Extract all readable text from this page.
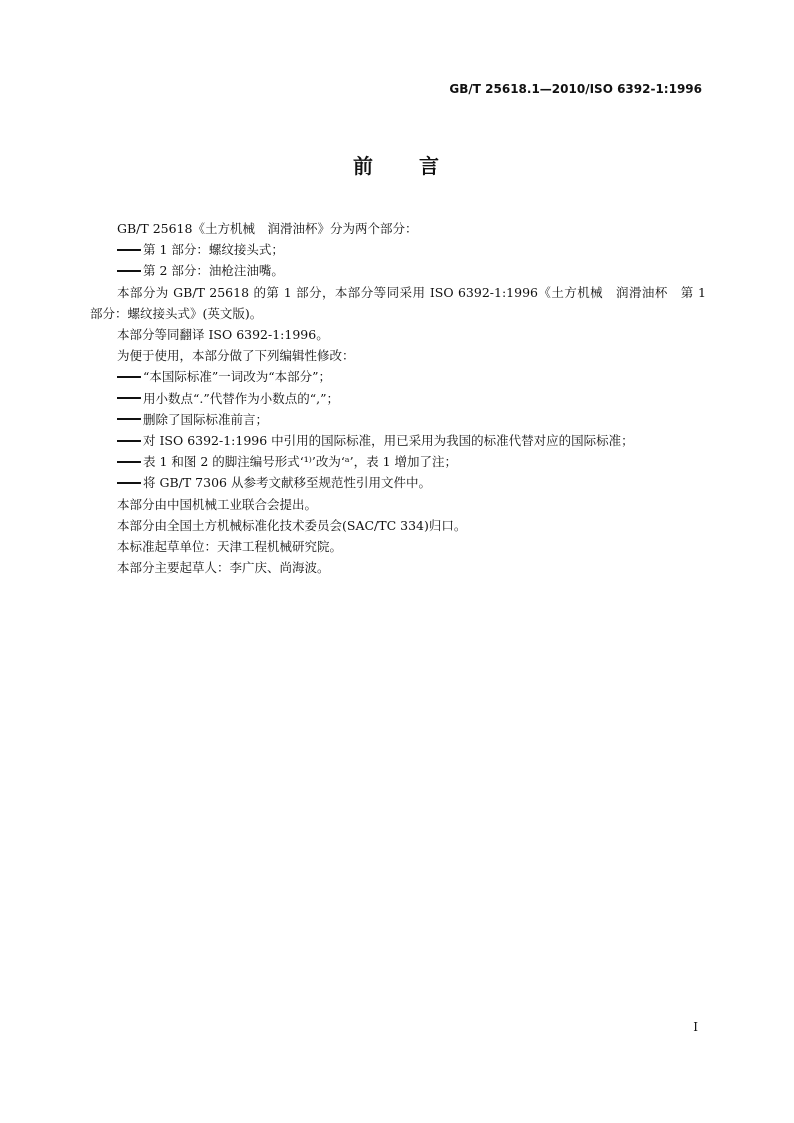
GB/T 25618.1—2010/ISO 6392-1:1996
前 言

GB/T 25618《土方机械　润滑油杯》分为两个部分：

第 1 部分：螺纹接头式；

第 2 部分：油枪注油嘴。

本部分为 GB/T 25618 的第 1 部分，本部分等同采用 ISO 6392-1:1996《土方机械　润滑油杯　第 1 部分：螺纹接头式》(英文版)。

本部分等同翻译 ISO 6392-1:1996。

为便于使用，本部分做了下列编辑性修改：

“本国际标准”一词改为“本部分”；

用小数点“.”代替作为小数点的“,”；

删除了国际标准前言；

对 ISO 6392-1:1996 中引用的国际标准，用已采用为我国的标准代替对应的国际标准；

表 1 和图 2 的脚注编号形式‘¹⁾’改为‘ᵃ’，表 1 增加了注；

将 GB/T 7306 从参考文献移至规范性引用文件中。

本部分由中国机械工业联合会提出。

本部分由全国土方机械标准化技术委员会(SAC/TC 334)归口。

本标准起草单位：天津工程机械研究院。

本部分主要起草人：李广庆、尚海波。

I
